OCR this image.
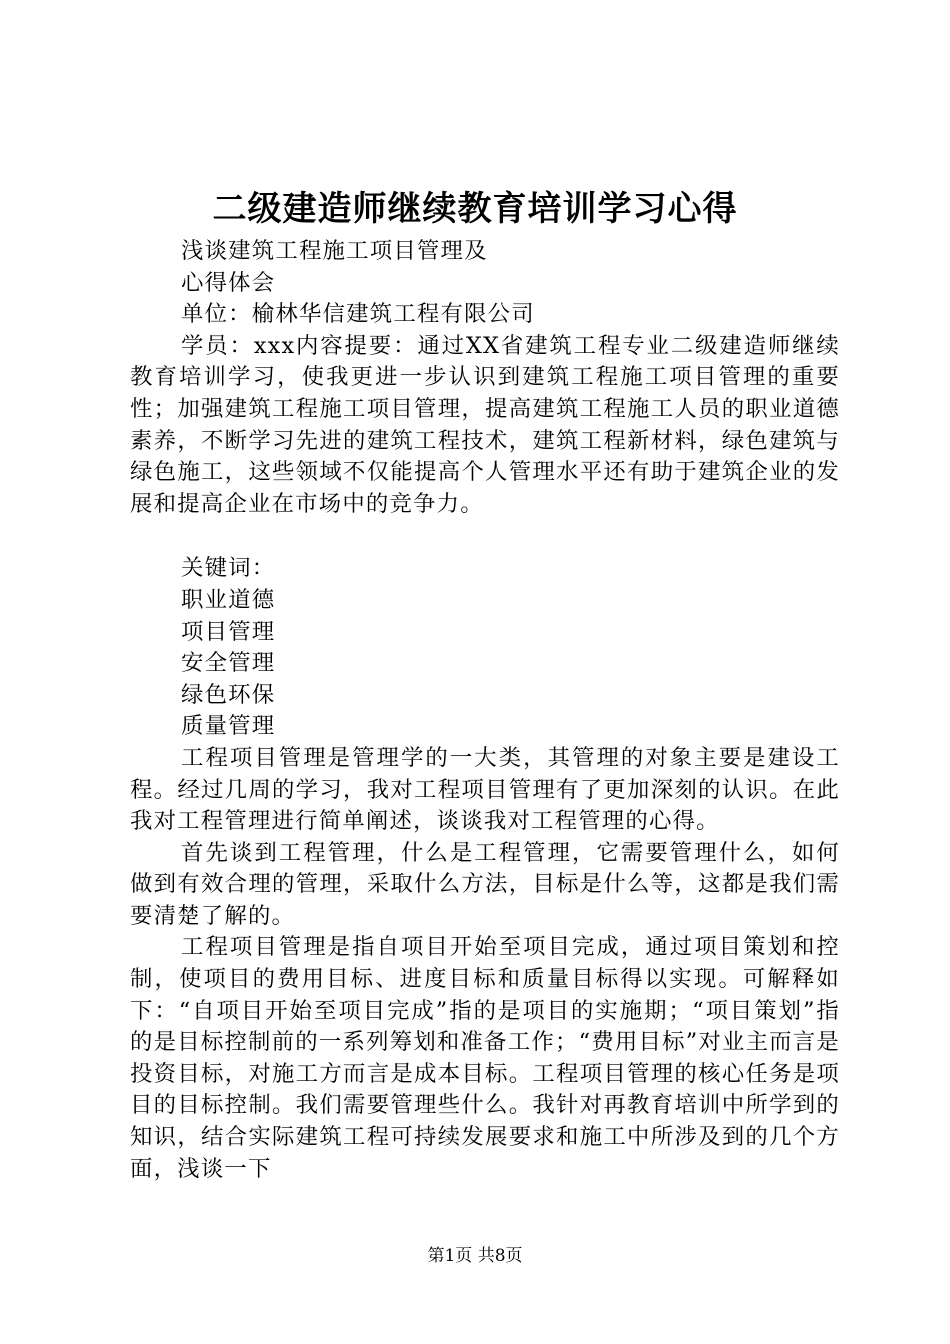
二级建造师继续教育培训学习心得
浅谈建筑工程施工项目管理及
心得体会
单位：榆林华信建筑工程有限公司
学员：xxx内容提要：通过XX省建筑工程专业二级建造师继续教育培训学习，使我更进一步认识到建筑工程施工项目管理的重要性；加强建筑工程施工项目管理，提高建筑工程施工人员的职业道德素养，不断学习先进的建筑工程技术，建筑工程新材料，绿色建筑与绿色施工，这些领域不仅能提高个人管理水平还有助于建筑企业的发展和提高企业在市场中的竞争力。
关键词：
职业道德
项目管理
安全管理
绿色环保
质量管理
工程项目管理是管理学的一大类，其管理的对象主要是建设工程。经过几周的学习，我对工程项目管理有了更加深刻的认识。在此我对工程管理进行简单阐述，谈谈我对工程管理的心得。
首先谈到工程管理，什么是工程管理，它需要管理什么，如何做到有效合理的管理，采取什么方法，目标是什么等，这都是我们需要清楚了解的。
工程项目管理是指自项目开始至项目完成，通过项目策划和控制，使项目的费用目标、进度目标和质量目标得以实现。可解释如下：“自项目开始至项目完成”指的是项目的实施期；“项目策划”指的是目标控制前的一系列筹划和准备工作；“费用目标”对业主而言是投资目标，对施工方而言是成本目标。工程项目管理的核心任务是项目的目标控制。我们需要管理些什么。我针对再教育培训中所学到的知识，结合实际建筑工程可持续发展要求和施工中所涉及到的几个方面，浅谈一下
第1页 共8页
